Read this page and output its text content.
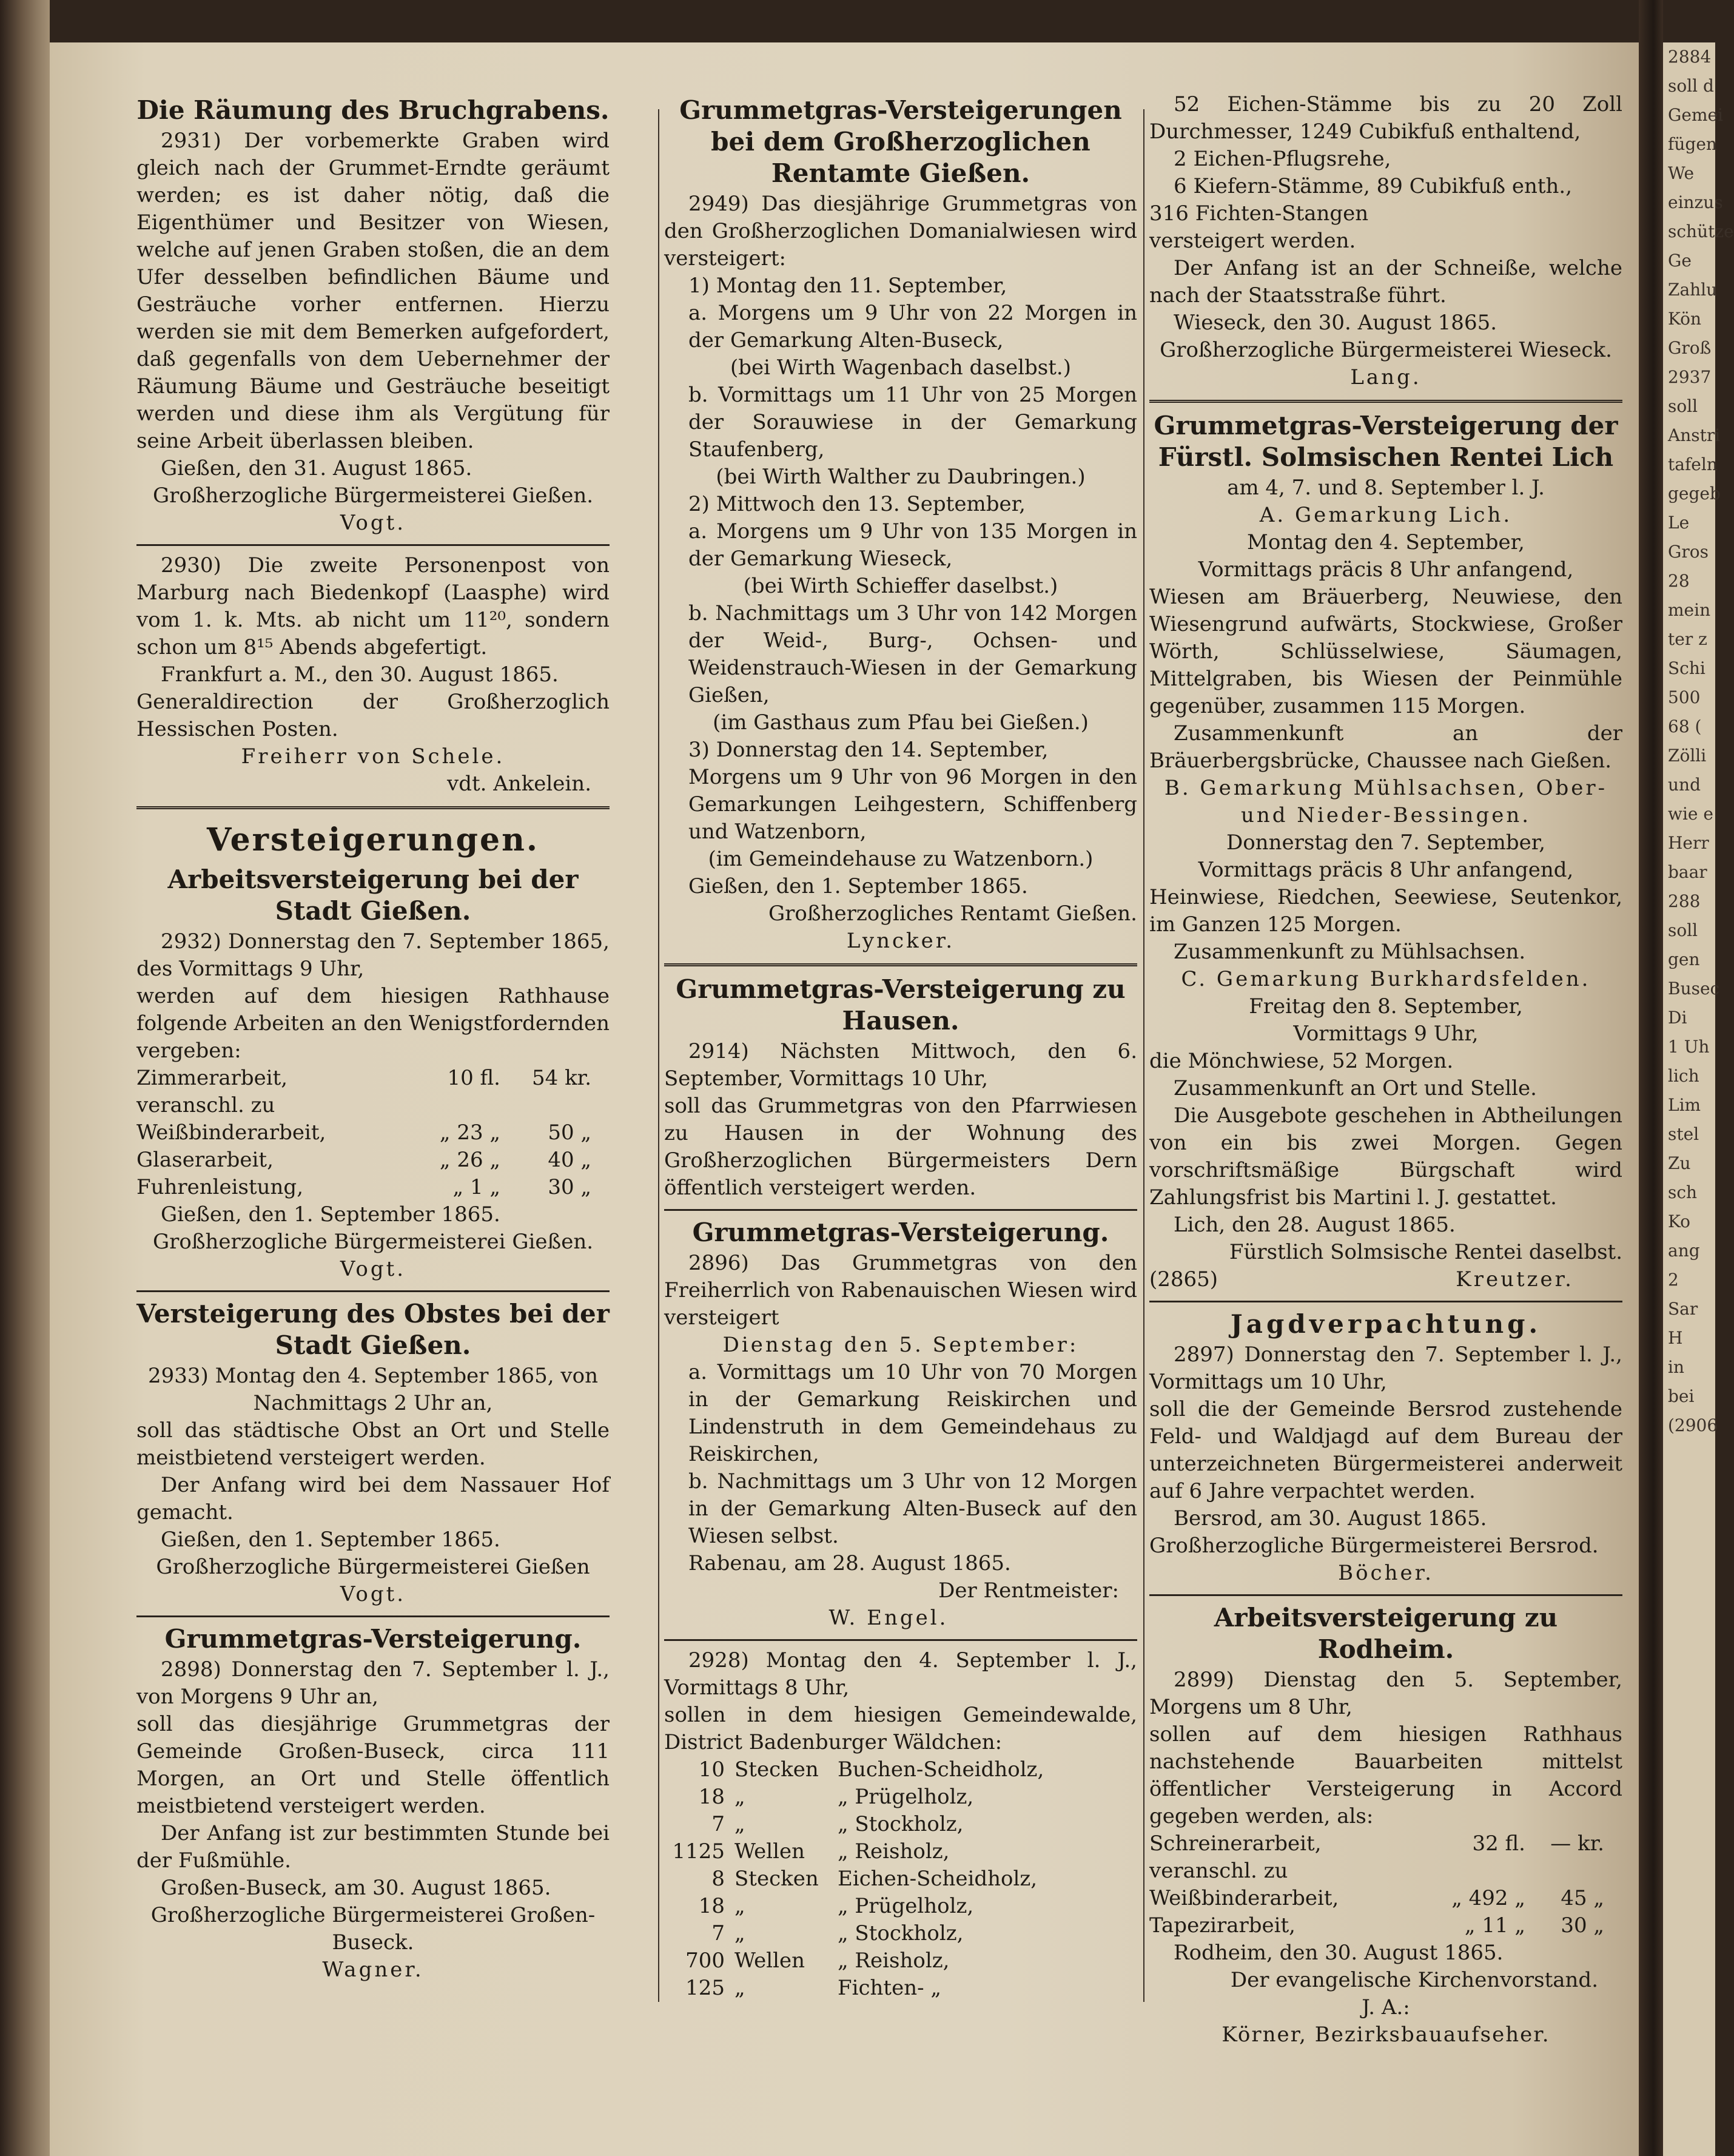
2884
soll d
Gemei
fügen
We
einzus
schütze
Ge
Zahlu
Kön
Groß
2937
soll
Anstri
tafeln
gegeb
Le
Gros
28
mein
ter z
Schi
500
68 (
Zölli
und
wie e
Herr
baar
288
soll
gen
Busec
Di
1 Uh
lich
Lim
stel
Zu
sch
Ko
ang
2
Sar
H
in
bei
(2906

Die Räumung des Bruchgrabens.

2931) Der vorbemerkte Graben wird gleich nach der Grummet-Erndte geräumt werden; es ist daher nötig, daß die Eigenthümer und Besitzer von Wiesen, welche auf jenen Graben stoßen, die an dem Ufer desselben befindlichen Bäume und Gesträuche vorher entfernen. Hierzu werden sie mit dem Bemerken aufgefordert, daß gegenfalls von dem Uebernehmer der Räumung Bäume und Gesträuche beseitigt werden und diese ihm als Vergütung für seine Arbeit überlassen bleiben.

Gießen, den 31. August 1865.

Großherzogliche Bürgermeisterei Gießen.

Vogt.

2930) Die zweite Personenpost von Marburg nach Biedenkopf (Laasphe) wird vom 1. k. Mts. ab nicht um 11²⁰, sondern schon um 8¹⁵ Abends abgefertigt.

Frankfurt a. M., den 30. August 1865.

Generaldirection der Großherzoglich Hessischen Posten.

Freiherr von Schele.

vdt. Ankelein.

Versteigerungen.

Arbeitsversteigerung bei der Stadt Gießen.

2932) Donnerstag den 7. September 1865, des Vormittags 9 Uhr,

werden auf dem hiesigen Rathhause folgende Arbeiten an den Wenigstfordernden vergeben:

Zimmerarbeit, veranschl. zu
10 fl.	54 kr.
Weißbinderarbeit,	„ 23 „	50 „
Glaserarbeit,	„ 26 „	40 „
Fuhrenleistung,	„ 1 „	30 „

Gießen, den 1. September 1865.

Großherzogliche Bürgermeisterei Gießen.

Vogt.

Versteigerung des Obstes bei der Stadt Gießen.

2933) Montag den 4. September 1865, von Nachmittags 2 Uhr an,

soll das städtische Obst an Ort und Stelle meistbietend versteigert werden.

Der Anfang wird bei dem Nassauer Hof gemacht.

Gießen, den 1. September 1865.

Großherzogliche Bürgermeisterei Gießen

Vogt.

Grummetgras-Versteigerung.

2898) Donnerstag den 7. September l. J., von Morgens 9 Uhr an,

soll das diesjährige Grummetgras der Gemeinde Großen-Buseck, circa 111 Morgen, an Ort und Stelle öffentlich meistbietend versteigert werden.

Der Anfang ist zur bestimmten Stunde bei der Fußmühle.

Großen-Buseck, am 30. August 1865.

Großherzogliche Bürgermeisterei Großen-Buseck.

Wagner.

Grummetgras-Versteigerungen bei dem Großherzoglichen Rentamte Gießen.

2949) Das diesjährige Grummetgras von den Großherzoglichen Domanialwiesen wird versteigert:

1) Montag den 11. September,

a. Morgens um 9 Uhr von 22 Morgen in der Gemarkung Alten-Buseck,

(bei Wirth Wagenbach daselbst.)

b. Vormittags um 11 Uhr von 25 Morgen der Sorauwiese in der Gemarkung Staufenberg,

(bei Wirth Walther zu Daubringen.)

2) Mittwoch den 13. September,

a. Morgens um 9 Uhr von 135 Morgen in der Gemarkung Wieseck,

(bei Wirth Schieffer daselbst.)

b. Nachmittags um 3 Uhr von 142 Morgen der Weid-, Burg-, Ochsen- und Weidenstrauch-Wiesen in der Gemarkung Gießen,

(im Gasthaus zum Pfau bei Gießen.)

3) Donnerstag den 14. September,

Morgens um 9 Uhr von 96 Morgen in den Gemarkungen Leihgestern, Schiffenberg und Watzenborn,

(im Gemeindehause zu Watzenborn.)

Gießen, den 1. September 1865.

Großherzogliches Rentamt Gießen.

Lyncker.

Grummetgras-Versteigerung zu Hausen.

2914) Nächsten Mittwoch, den 6. September, Vormittags 10 Uhr,

soll das Grummetgras von den Pfarrwiesen zu Hausen in der Wohnung des Großherzoglichen Bürgermeisters Dern öffentlich versteigert werden.

Grummetgras-Versteigerung.

2896) Das Grummetgras von den Freiherrlich von Rabenauischen Wiesen wird versteigert

Dienstag den 5. September:

a. Vormittags um 10 Uhr von 70 Morgen in der Gemarkung Reiskirchen und Lindenstruth in dem Gemeindehaus zu Reiskirchen,

b. Nachmittags um 3 Uhr von 12 Morgen in der Gemarkung Alten-Buseck auf den Wiesen selbst.

Rabenau, am 28. August 1865.

Der Rentmeister:

W. Engel.

2928) Montag den 4. September l. J., Vormittags 8 Uhr,

sollen in dem hiesigen Gemeindewalde, District Badenburger Wäldchen:

10 Stecken Buchen-Scheidholz,
18 „	„ Prügelholz,
7 „	„ Stockholz,
1125 Wellen	„ Reisholz,
8 Stecken Eichen-Scheidholz,
18 „	„ Prügelholz,
7 „	„ Stockholz,
700 Wellen	„ Reisholz,
125 „	Fichten- „

52 Eichen-Stämme bis zu 20 Zoll Durchmesser, 1249 Cubikfuß enthaltend,

2 Eichen-Pflugsrehe,

6 Kiefern-Stämme, 89 Cubikfuß enth.,

316 Fichten-Stangen

versteigert werden.

Der Anfang ist an der Schneiße, welche nach der Staatsstraße führt.

Wieseck, den 30. August 1865.

Großherzogliche Bürgermeisterei Wieseck.

Lang.

Grummetgras-Versteigerung der Fürstl. Solmsischen Rentei Lich

am 4, 7. und 8. September l. J.

A. Gemarkung Lich.

Montag den 4. September,

Vormittags präcis 8 Uhr anfangend,

Wiesen am Bräuerberg, Neuwiese, den Wiesengrund aufwärts, Stockwiese, Großer Wörth, Schlüsselwiese, Säumagen, Mittelgraben, bis Wiesen der Peinmühle gegenüber, zusammen 115 Morgen.

Zusammenkunft an der Bräuerbergsbrücke, Chaussee nach Gießen.

B. Gemarkung Mühlsachsen, Ober- und Nieder-Bessingen.

Donnerstag den 7. September,

Vormittags präcis 8 Uhr anfangend,

Heinwiese, Riedchen, Seewiese, Seutenkor, im Ganzen 125 Morgen.

Zusammenkunft zu Mühlsachsen.

C. Gemarkung Burkhardsfelden.

Freitag den 8. September,

Vormittags 9 Uhr,

die Mönchwiese, 52 Morgen.

Zusammenkunft an Ort und Stelle.

Die Ausgebote geschehen in Abtheilungen von ein bis zwei Morgen. Gegen vorschriftsmäßige Bürgschaft wird Zahlungsfrist bis Martini l. J. gestattet.

Lich, den 28. August 1865.

Fürstlich Solmsische Rentei daselbst.

(2865)	Kreutzer.

Jagdverpachtung.

2897) Donnerstag den 7. September l. J., Vormittags um 10 Uhr,

soll die der Gemeinde Bersrod zustehende Feld- und Waldjagd auf dem Bureau der unterzeichneten Bürgermeisterei anderweit auf 6 Jahre verpachtet werden.

Bersrod, am 30. August 1865.

Großherzogliche Bürgermeisterei Bersrod.

Böcher.

Arbeitsversteigerung zu Rodheim.

2899) Dienstag den 5. September, Morgens um 8 Uhr,

sollen auf dem hiesigen Rathhaus nachstehende Bauarbeiten mittelst öffentlicher Versteigerung in Accord gegeben werden, als:

Schreinerarbeit, veranschl. zu
32 fl.	— kr.
Weißbinderarbeit,	„ 492 „	45 „
Tapezirarbeit,	„ 11 „	30 „

Rodheim, den 30. August 1865.

Der evangelische Kirchenvorstand.

J. A.:

Körner, Bezirksbauaufseher.
